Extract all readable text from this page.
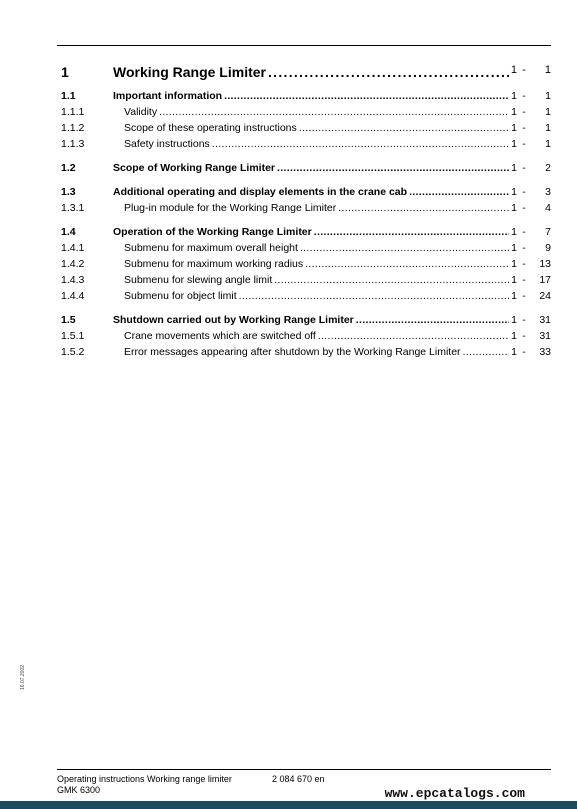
1	Working Range Limiter . . .	1 -	1
1.1	Important information . . .	1 -	1
1.1.1	Validity . . .	1 -	1
1.1.2	Scope of these operating instructions . . .	1 -	1
1.1.3	Safety instructions . . .	1 -	1
1.2	Scope of Working Range Limiter . . .	1 -	2
1.3	Additional operating and display elements in the crane cab . . .	1 -	3
1.3.1	Plug-in module for the Working Range Limiter . . .	1 -	4
1.4	Operation of the Working Range Limiter . . .	1 -	7
1.4.1	Submenu for maximum overall height . . .	1 -	9
1.4.2	Submenu for maximum working radius . . .	1 -	13
1.4.3	Submenu for slewing angle limit . . .	1 -	17
1.4.4	Submenu for object limit . . .	1 -	24
1.5	Shutdown carried out by Working Range Limiter . . .	1 -	31
1.5.1	Crane movements which are switched off . . .	1 -	31
1.5.2	Error messages appearing after shutdown by the Working Range Limiter . . .	1 -	33
16.07.2002
Operating instructions Working range limiter
GMK 6300
2 084 670 en
www.epcatalogs.com
